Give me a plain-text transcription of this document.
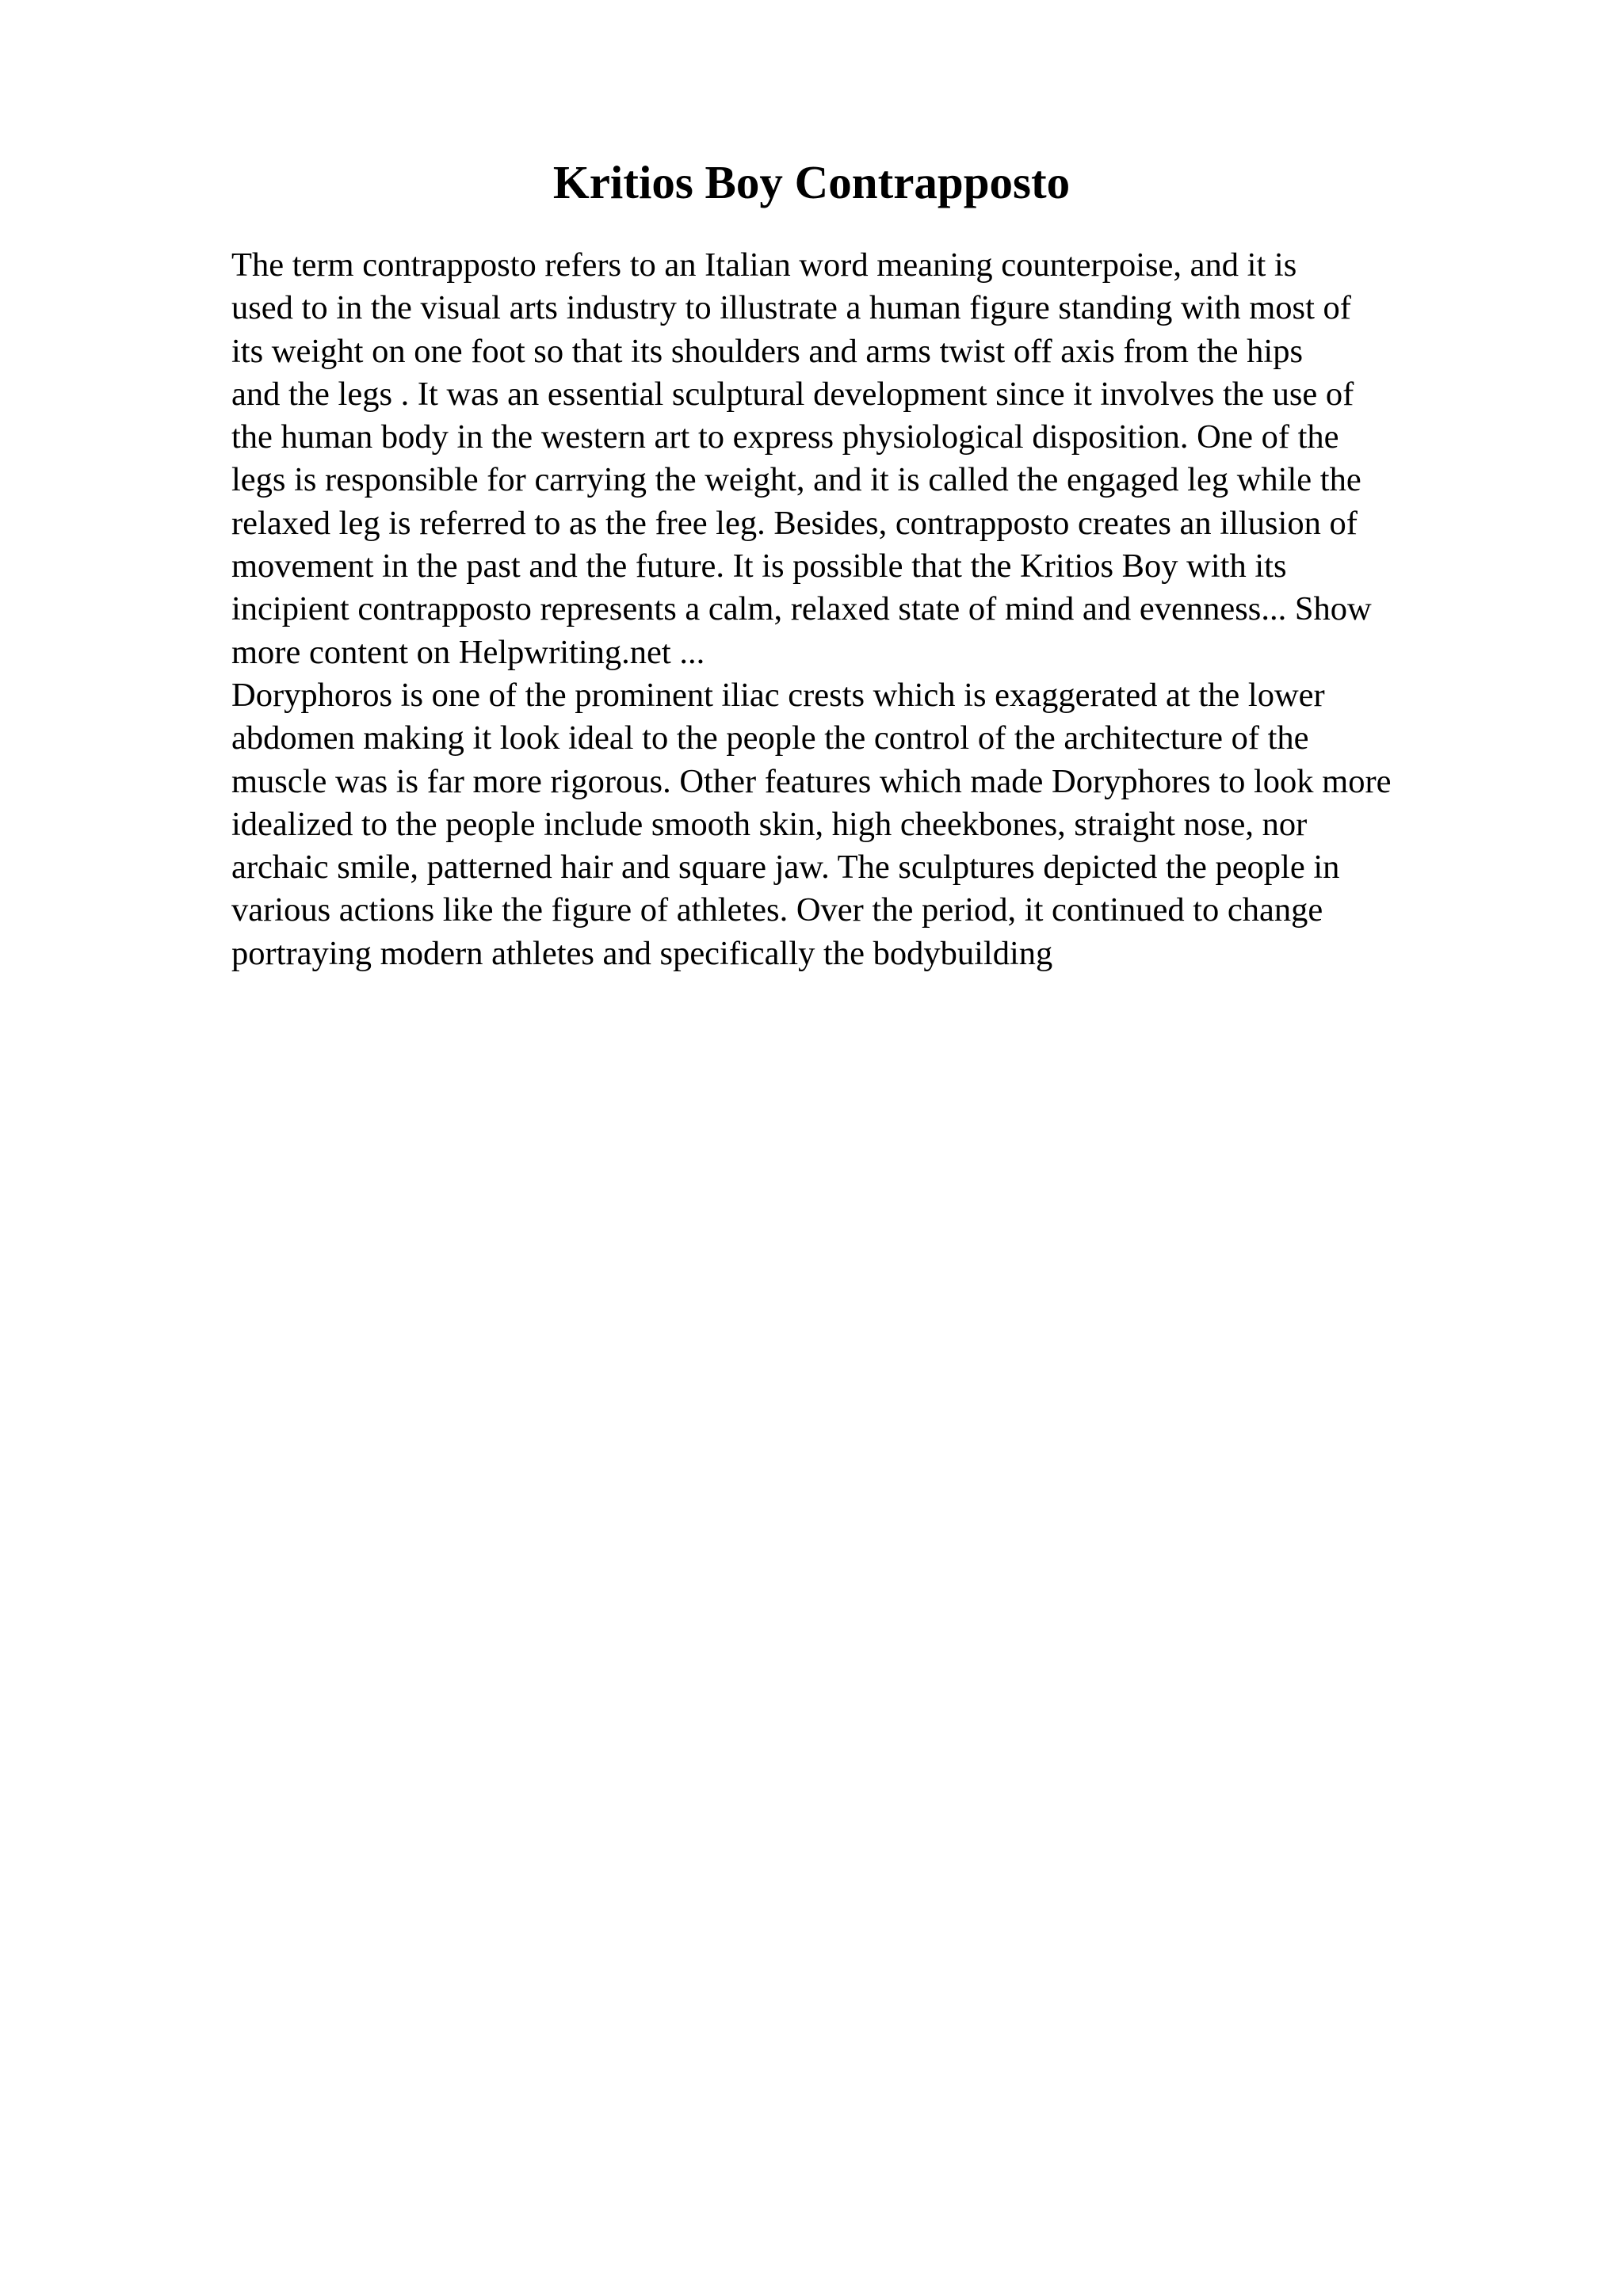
Kritios Boy Contrapposto
The term contrapposto refers to an Italian word meaning counterpoise, and it is
used to in the visual arts industry to illustrate a human figure standing with most of
its weight on one foot so that its shoulders and arms twist off axis from the hips
and the legs . It was an essential sculptural development since it involves the use of
the human body in the western art to express physiological disposition. One of the
legs is responsible for carrying the weight, and it is called the engaged leg while the
relaxed leg is referred to as the free leg. Besides, contrapposto creates an illusion of
movement in the past and the future. It is possible that the Kritios Boy with its
incipient contrapposto represents a calm, relaxed state of mind and evenness... Show
more content on Helpwriting.net ...
Doryphoros is one of the prominent iliac crests which is exaggerated at the lower
abdomen making it look ideal to the people the control of the architecture of the
muscle was is far more rigorous. Other features which made Doryphores to look more
idealized to the people include smooth skin, high cheekbones, straight nose, nor
archaic smile, patterned hair and square jaw. The sculptures depicted the people in
various actions like the figure of athletes. Over the period, it continued to change
portraying modern athletes and specifically the bodybuilding
